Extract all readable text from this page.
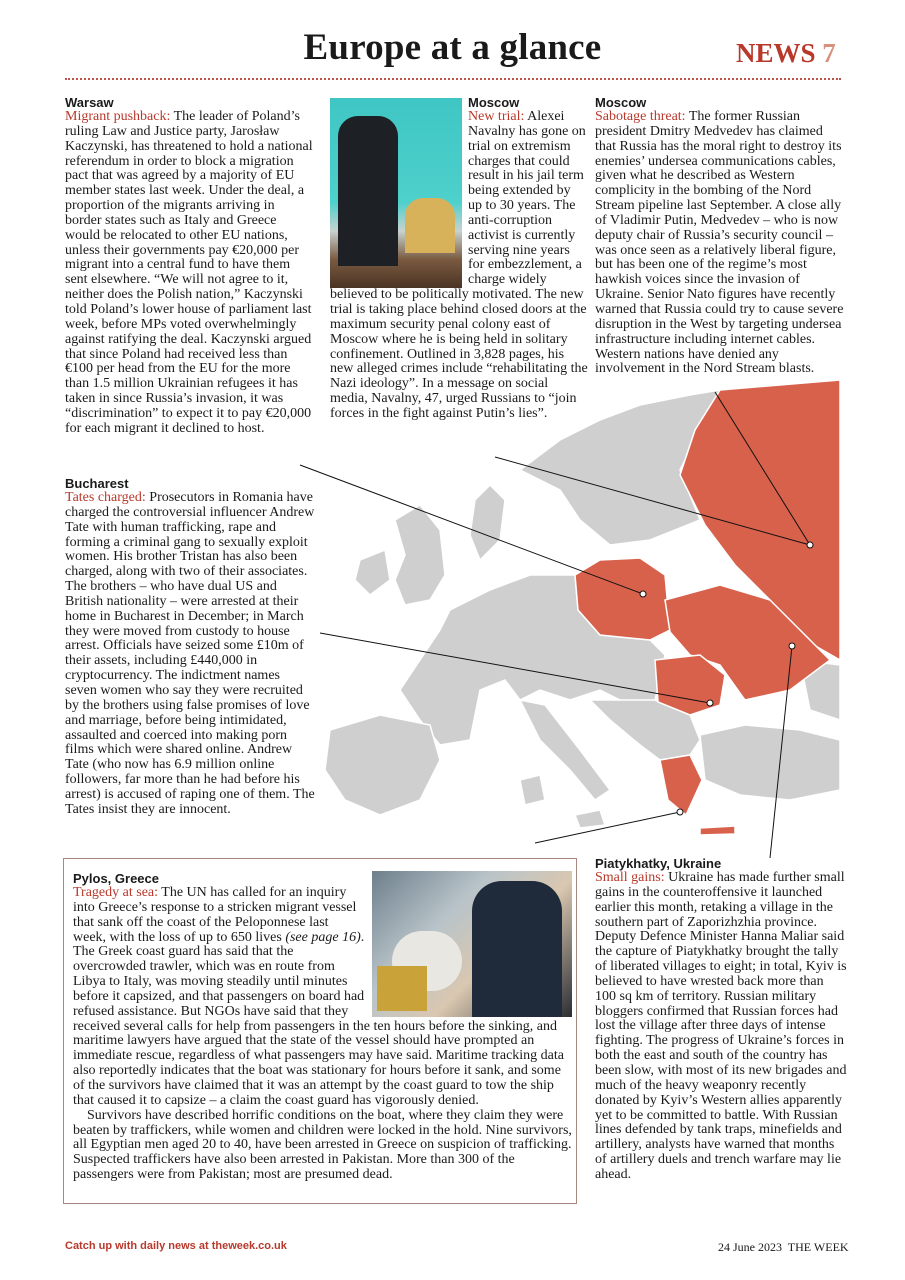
Europe at a glance	NEWS 7
Warsaw
Migrant pushback: The leader of Poland’s ruling Law and Justice party, Jarosław Kaczynski, has threatened to hold a national referendum in order to block a migration pact that was agreed by a majority of EU member states last week. Under the deal, a proportion of the migrants arriving in border states such as Italy and Greece would be relocated to other EU nations, unless their governments pay €20,000 per migrant into a central fund to have them sent elsewhere. “We will not agree to it, neither does the Polish nation,” Kaczynski told Poland’s lower house of parliament last week, before MPs voted overwhelmingly against ratifying the deal. Kaczynski argued that since Poland had received less than €100 per head from the EU for the more than 1.5 million Ukrainian refugees it has taken in since Russia’s invasion, it was “discrimination” to expect it to pay €20,000 for each migrant it declined to host.
Moscow
New trial: Alexei Navalny has gone on trial on extremism charges that could result in his jail term being extended by up to 30 years. The anti-corruption activist is currently serving nine years for embezzlement, a charge widely believed to be politically motivated. The new trial is taking place behind closed doors at the maximum security penal colony east of Moscow where he is being held in solitary confinement. Outlined in 3,828 pages, his new alleged crimes include “rehabilitating the Nazi ideology”. In a message on social media, Navalny, 47, urged Russians to “join forces in the fight against Putin’s lies”.
Moscow
Sabotage threat: The former Russian president Dmitry Medvedev has claimed that Russia has the moral right to destroy its enemies’ undersea communications cables, given what he described as Western complicity in the bombing of the Nord Stream pipeline last September. A close ally of Vladimir Putin, Medvedev – who is now deputy chair of Russia’s security council – was once seen as a relatively liberal figure, but has been one of the regime’s most hawkish voices since the invasion of Ukraine. Senior Nato figures have recently warned that Russia could try to cause severe disruption in the West by targeting undersea infrastructure including internet cables. Western nations have denied any involvement in the Nord Stream blasts.
Bucharest
Tates charged: Prosecutors in Romania have charged the controversial influencer Andrew Tate with human trafficking, rape and forming a criminal gang to sexually exploit women. His brother Tristan has also been charged, along with two of their associates. The brothers – who have dual US and British nationality – were arrested at their home in Bucharest in December; in March they were moved from custody to house arrest. Officials have seized some £10m of their assets, including £440,000 in cryptocurrency. The indictment names seven women who say they were recruited by the brothers using false promises of love and marriage, before being intimidated, assaulted and coerced into making porn films which were shared online. Andrew Tate (who now has 6.9 million online followers, far more than he had before his arrest) is accused of raping one of them. The Tates insist they are innocent.
Pylos, Greece
Tragedy at sea: The UN has called for an inquiry into Greece’s response to a stricken migrant vessel that sank off the coast of the Peloponnese last week, with the loss of up to 650 lives (see page 16). The Greek coast guard has said that the overcrowded trawler, which was en route from Libya to Italy, was moving steadily until minutes before it capsized, and that passengers on board had refused assistance. But NGOs have said that they received several calls for help from passengers in the ten hours before the sinking, and maritime lawyers have argued that the state of the vessel should have prompted an immediate rescue, regardless of what passengers may have said. Maritime tracking data also reportedly indicates that the boat was stationary for hours before it sank, and some of the survivors have claimed that it was an attempt by the coast guard to tow the ship that caused it to capsize – a claim the coast guard has vigorously denied.
Survivors have described horrific conditions on the boat, where they claim they were beaten by traffickers, while women and children were locked in the hold. Nine survivors, all Egyptian men aged 20 to 40, have been arrested in Greece on suspicion of trafficking. Suspected traffickers have also been arrested in Pakistan. More than 300 of the passengers were from Pakistan; most are presumed dead.
Piatykhatky, Ukraine
Small gains: Ukraine has made further small gains in the counteroffensive it launched earlier this month, retaking a village in the southern part of Zaporizhzhia province. Deputy Defence Minister Hanna Maliar said the capture of Piatykhatky brought the tally of liberated villages to eight; in total, Kyiv is believed to have wrested back more than 100 sq km of territory. Russian military bloggers confirmed that Russian forces had lost the village after three days of intense fighting. The progress of Ukraine’s forces in both the east and south of the country has been slow, with most of its new brigades and much of the heavy weaponry recently donated by Kyiv’s Western allies apparently yet to be committed to battle. With Russian lines defended by tank traps, minefields and artillery, analysts have warned that months of artillery duels and trench warfare may lie ahead.
Catch up with daily news at theweek.co.uk	24 June 2023 THE WEEK
